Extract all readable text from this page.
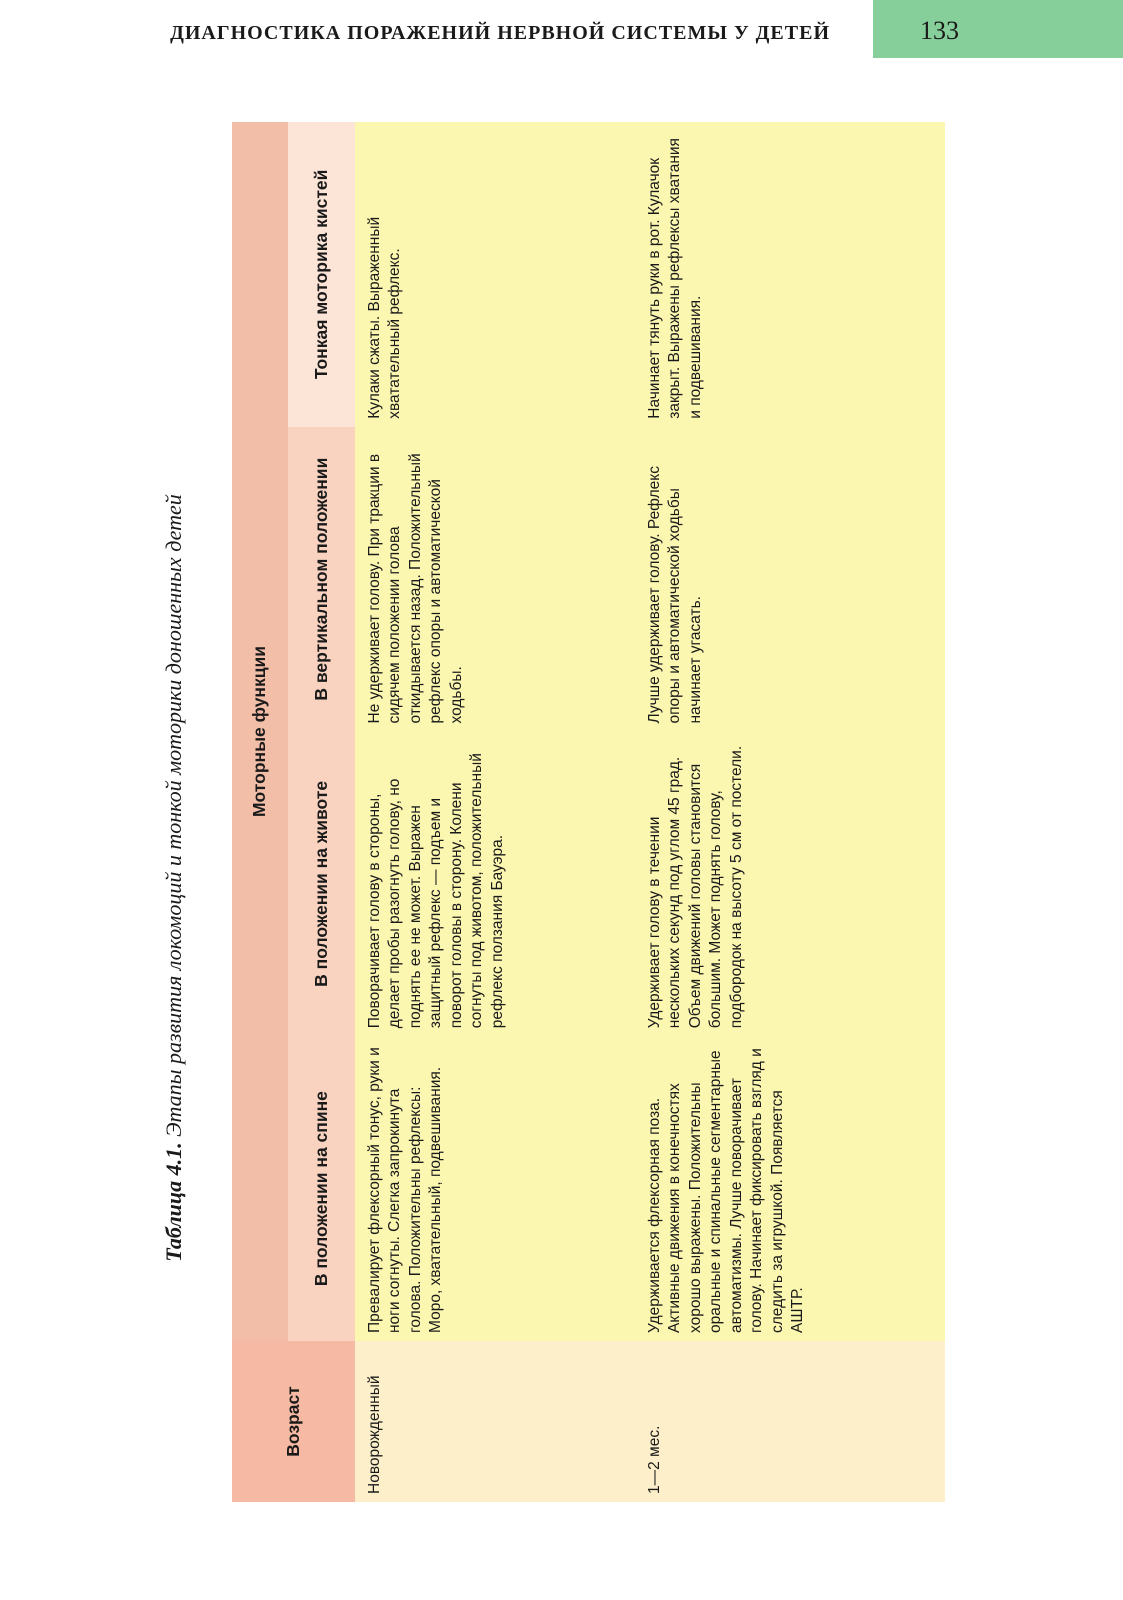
ДИАГНОСТИКА ПОРАЖЕНИЙ НЕРВНОЙ СИСТЕМЫ У ДЕТЕЙ	133
Таблица 4.1. Этапы развития локомоций и тонкой моторики доношенных детей
Возраст	Моторные функции			
	В положении на спине	В положении на животе	В вертикальном положении	Тонкая моторика кистей
Новорожденный	Превалирует флексорный тонус, руки и ноги согнуты. Слегка запрокинута голова. Положительны рефлексы: Моро, хватательный, подвешивания.	Поворачивает голову в стороны, делает пробы разогнуть голову, но поднять ее не может. Выражен защитный рефлекс — подъем и поворот головы в сторону. Колени согнуты под животом, положительный рефлекс ползания Бауэра.	Не удерживает голову. При тракции в сидячем положении голова откидывается назад. Положительный рефлекс опоры и автоматической ходьбы.	Кулаки сжаты. Выраженный хватательный рефлекс.
1—2 мес.	Удерживается флексорная поза. Активные движения в конечностях хорошо выражены. Положительны оральные и спинальные сегментарные автоматизмы. Лучше поворачивает голову. Начинает фиксировать взгляд и следить за игрушкой. Появляется АШТР.	Удерживает голову в течении нескольких секунд под углом 45 град. Объем движений головы становится большим. Может поднять голову, подбородок на высоту 5 см от постели.	Лучше удерживает голову. Рефлекс опоры и автоматической ходьбы начинает угасать.	Начинает тянуть руки в рот. Кулачок закрыт. Выражены рефлексы хватания и подвешивания.
